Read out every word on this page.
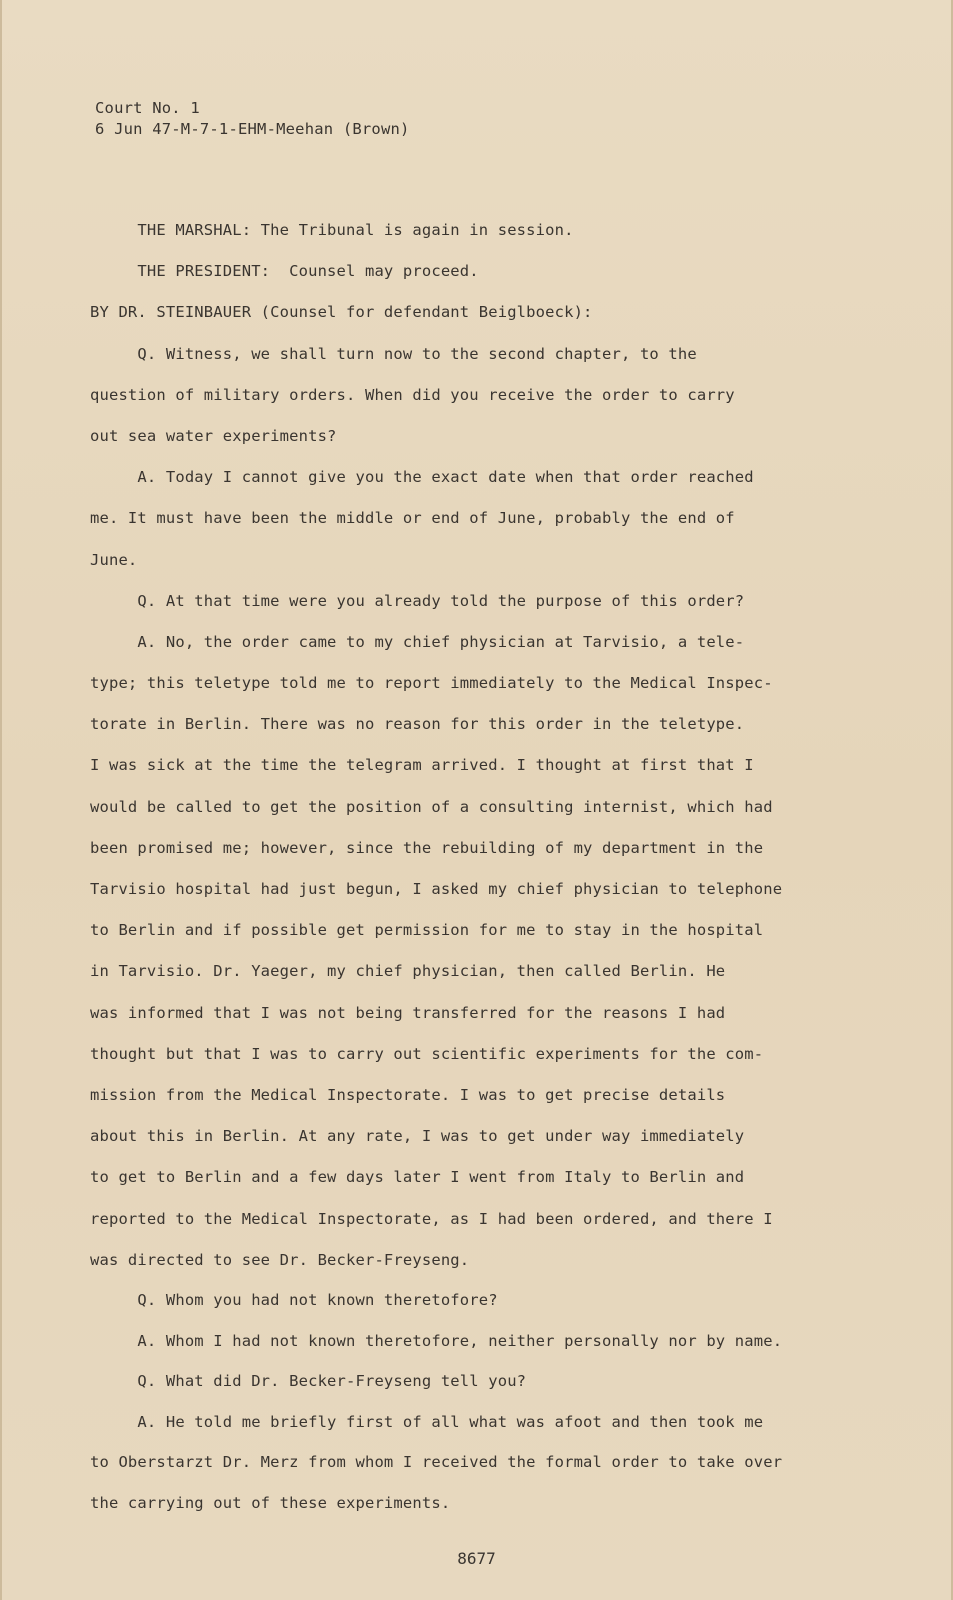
Court No. 1
6 Jun 47-M-7-1-EHM-Meehan (Brown)
THE MARSHAL: The Tribunal is again in session.
THE PRESIDENT:  Counsel may proceed.
BY DR. STEINBAUER (Counsel for defendant Beiglboeck):
Q. Witness, we shall turn now to the second chapter, to the
question of military orders. When did you receive the order to carry
out sea water experiments?
A. Today I cannot give you the exact date when that order reached
me. It must have been the middle or end of June, probably the end of
June.
Q. At that time were you already told the purpose of this order?
A. No, the order came to my chief physician at Tarvisio, a tele-
type; this teletype told me to report immediately to the Medical Inspec-
torate in Berlin. There was no reason for this order in the teletype.
I was sick at the time the telegram arrived. I thought at first that I
would be called to get the position of a consulting internist, which had
been promised me; however, since the rebuilding of my department in the
Tarvisio hospital had just begun, I asked my chief physician to telephone
to Berlin and if possible get permission for me to stay in the hospital
in Tarvisio. Dr. Yaeger, my chief physician, then called Berlin. He
was informed that I was not being transferred for the reasons I had
thought but that I was to carry out scientific experiments for the com-
mission from the Medical Inspectorate. I was to get precise details
about this in Berlin. At any rate, I was to get under way immediately
to get to Berlin and a few days later I went from Italy to Berlin and
reported to the Medical Inspectorate, as I had been ordered, and there I
was directed to see Dr. Becker-Freyseng.
Q. Whom you had not known theretofore?
A. Whom I had not known theretofore, neither personally nor by name.
Q. What did Dr. Becker-Freyseng tell you?
A. He told me briefly first of all what was afoot and then took me
to Oberstarzt Dr. Merz from whom I received the formal order to take over
the carrying out of these experiments.
8677
